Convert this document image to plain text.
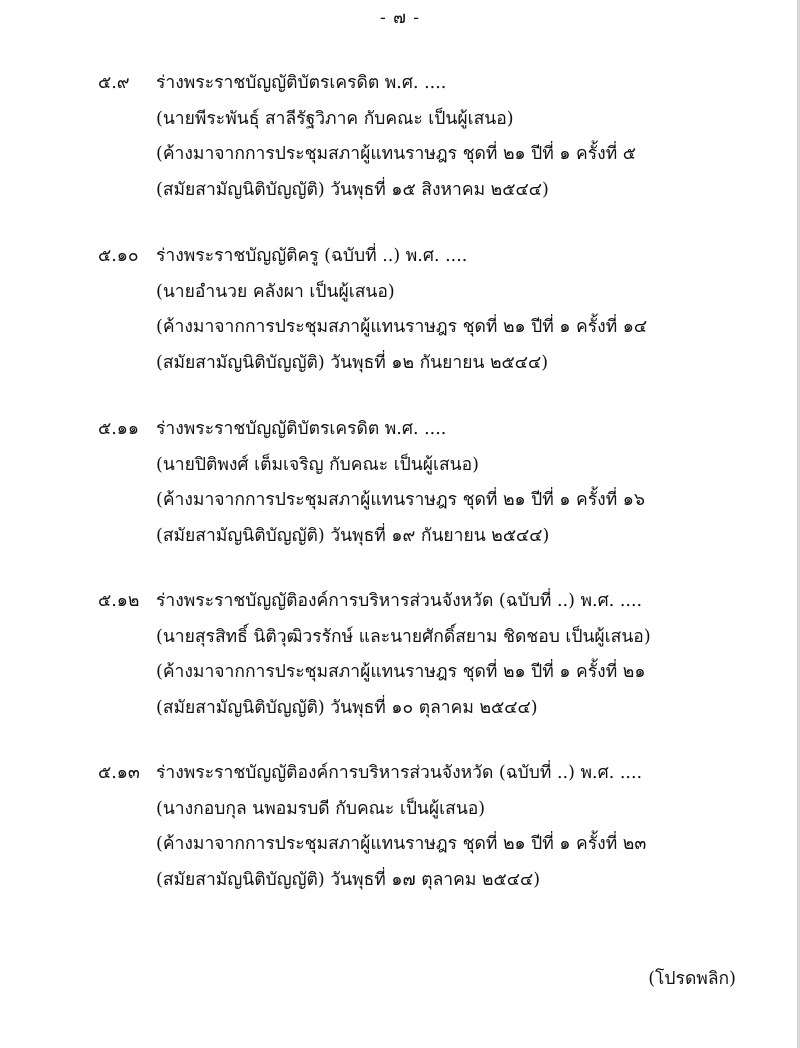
- ๗ -
๕.๙ ร่างพระราชบัญญัติบัตรเครดิต พ.ศ. ....
(นายพีระพันธุ์ สาลีรัฐวิภาค กับคณะ เป็นผู้เสนอ)
(ค้างมาจากการประชุมสภาผู้แทนราษฎร ชุดที่ ๒๑ ปีที่ ๑ ครั้งที่ ๕
(สมัยสามัญนิติบัญญัติ) วันพุธที่ ๑๕ สิงหาคม ๒๕๔๔)
๕.๑๐ ร่างพระราชบัญญัติครู (ฉบับที่ ..) พ.ศ. ....
(นายอำนวย คลังผา เป็นผู้เสนอ)
(ค้างมาจากการประชุมสภาผู้แทนราษฎร ชุดที่ ๒๑ ปีที่ ๑ ครั้งที่ ๑๔
(สมัยสามัญนิติบัญญัติ) วันพุธที่ ๑๒ กันยายน ๒๕๔๔)
๕.๑๑ ร่างพระราชบัญญัติบัตรเครดิต พ.ศ. ....
(นายปิติพงศ์ เต็มเจริญ กับคณะ เป็นผู้เสนอ)
(ค้างมาจากการประชุมสภาผู้แทนราษฎร ชุดที่ ๒๑ ปีที่ ๑ ครั้งที่ ๑๖
(สมัยสามัญนิติบัญญัติ) วันพุธที่ ๑๙ กันยายน ๒๕๔๔)
๕.๑๒ ร่างพระราชบัญญัติองค์การบริหารส่วนจังหวัด (ฉบับที่ ..) พ.ศ. ....
(นายสุรสิทธิ์ นิติวุฒิวรรักษ์ และนายศักดิ์สยาม ชิดชอบ เป็นผู้เสนอ)
(ค้างมาจากการประชุมสภาผู้แทนราษฎร ชุดที่ ๒๑ ปีที่ ๑ ครั้งที่ ๒๑
(สมัยสามัญนิติบัญญัติ) วันพุธที่ ๑๐ ตุลาคม ๒๕๔๔)
๕.๑๓ ร่างพระราชบัญญัติองค์การบริหารส่วนจังหวัด (ฉบับที่ ..) พ.ศ. ....
(นางกอบกุล นพอมรบดี กับคณะ เป็นผู้เสนอ)
(ค้างมาจากการประชุมสภาผู้แทนราษฎร ชุดที่ ๒๑ ปีที่ ๑ ครั้งที่ ๒๓
(สมัยสามัญนิติบัญญัติ) วันพุธที่ ๑๗ ตุลาคม ๒๕๔๔)
(โปรดพลิก)
